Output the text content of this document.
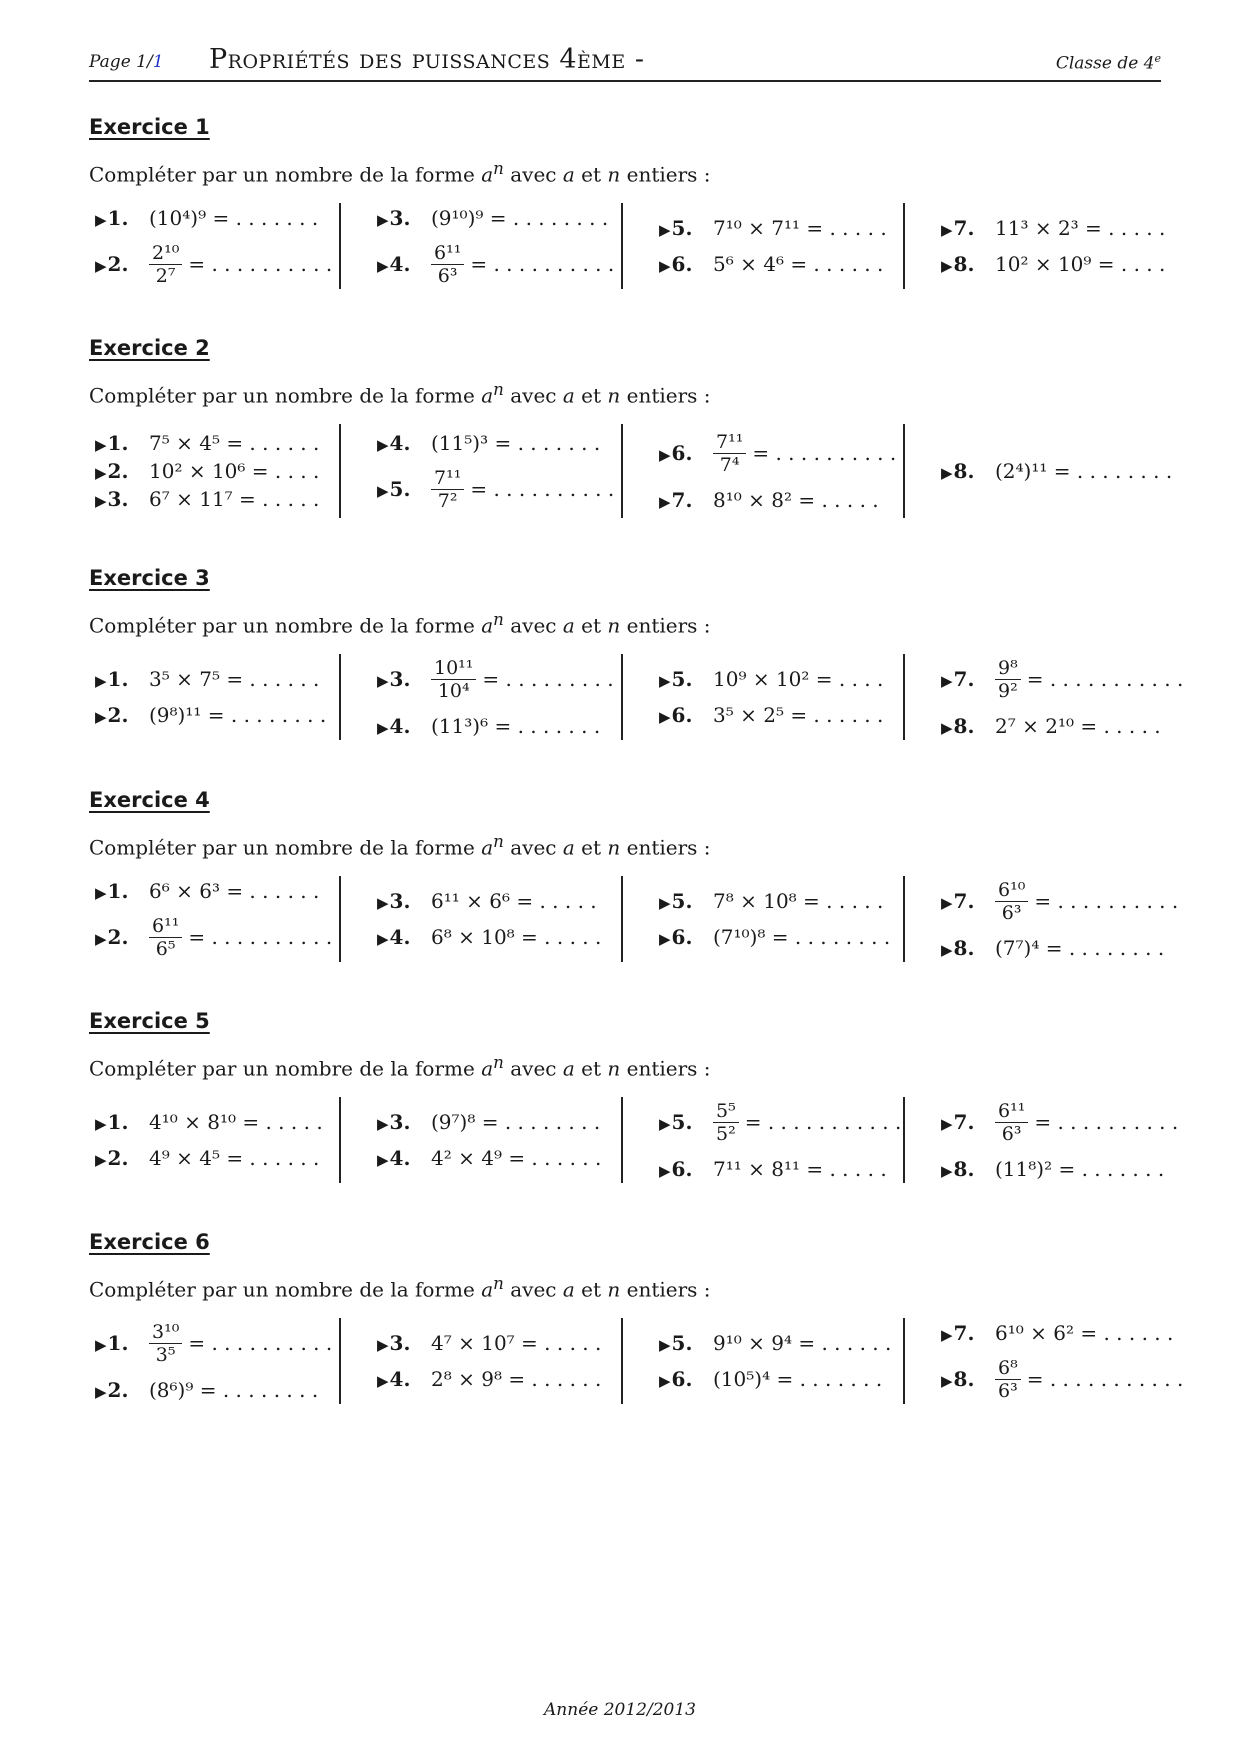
Page 1/1 Propriétés des puissances 4ème -	Classe de 4e
Exercice 1
Compléter par un nombre de la forme $a^n$ avec a et n entiers :
▶ 1.	(10⁴)⁹ = . . . . . . .
▶ 2.	$\frac{\text{2¹⁰}}{\text{2⁷}}$ = . . . . . . . . . .
▶ 3.	(9¹⁰)⁹ = . . . . . . . .
▶ 4.	$\frac{\text{6¹¹}}{\text{6³}}$ = . . . . . . . . . .
▶ 5.	7¹⁰ × 7¹¹ = . . . . .
▶ 6.	5⁶ × 4⁶ = . . . . . .
▶ 7.	11³ × 2³ = . . . . .
▶ 8.	10² × 10⁹ = . . . .
Exercice 2
Compléter par un nombre de la forme $a^n$ avec a et n entiers :
▶ 1.	7⁵ × 4⁵ = . . . . . .
▶ 2.	10² × 10⁶ = . . . .
▶ 3.	6⁷ × 11⁷ = . . . . .
▶ 4.	(11⁵)³ = . . . . . . .
▶ 5.	$\frac{\text{7¹¹}}{\text{7²}}$ = . . . . . . . . . .
▶ 6.	$\frac{\text{7¹¹}}{\text{7⁴}}$ = . . . . . . . . . .
▶ 7.	8¹⁰ × 8² = . . . . .
▶ 8.	(2⁴)¹¹ = . . . . . . . .
Exercice 3
Compléter par un nombre de la forme $a^n$ avec a et n entiers :
▶ 1.	3⁵ × 7⁵ = . . . . . .
▶ 2.	(9⁸)¹¹ = . . . . . . . .
▶ 3.	$\frac{\text{10¹¹}}{\text{10⁴}}$ = . . . . . . . . .
▶ 4.	(11³)⁶ = . . . . . . .
▶ 5.	10⁹ × 10² = . . . .
▶ 6.	3⁵ × 2⁵ = . . . . . .
▶ 7.	$\frac{\text{9⁸}}{\text{9²}}$ = . . . . . . . . . . .
▶ 8.	2⁷ × 2¹⁰ = . . . . .
Exercice 4
Compléter par un nombre de la forme $a^n$ avec a et n entiers :
▶ 1.	6⁶ × 6³ = . . . . . .
▶ 2.	$\frac{\text{6¹¹}}{\text{6⁵}}$ = . . . . . . . . . .
▶ 3.	6¹¹ × 6⁶ = . . . . .
▶ 4.	6⁸ × 10⁸ = . . . . .
▶ 5.	7⁸ × 10⁸ = . . . . .
▶ 6.	(7¹⁰)⁸ = . . . . . . . .
▶ 7.	$\frac{\text{6¹⁰}}{\text{6³}}$ = . . . . . . . . . .
▶ 8.	(7⁷)⁴ = . . . . . . . .
Exercice 5
Compléter par un nombre de la forme $a^n$ avec a et n entiers :
▶ 1.	4¹⁰ × 8¹⁰ = . . . . .
▶ 2.	4⁹ × 4⁵ = . . . . . .
▶ 3.	(9⁷)⁸ = . . . . . . . .
▶ 4.	4² × 4⁹ = . . . . . .
▶ 5.	$\frac{\text{5⁵}}{\text{5²}}$ = . . . . . . . . . . .
▶ 6.	7¹¹ × 8¹¹ = . . . . .
▶ 7.	$\frac{\text{6¹¹}}{\text{6³}}$ = . . . . . . . . . .
▶ 8.	(11⁸)² = . . . . . . .
Exercice 6
Compléter par un nombre de la forme $a^n$ avec a et n entiers :
▶ 1.	$\frac{\text{3¹⁰}}{\text{3⁵}}$ = . . . . . . . . . .
▶ 2.	(8⁶)⁹ = . . . . . . . .
▶ 3.	4⁷ × 10⁷ = . . . . .
▶ 4.	2⁸ × 9⁸ = . . . . . .
▶ 5.	9¹⁰ × 9⁴ = . . . . . .
▶ 6.	(10⁵)⁴ = . . . . . . .
▶ 7.	6¹⁰ × 6² = . . . . . .
▶ 8.	$\frac{\text{6⁸}}{\text{6³}}$ = . . . . . . . . . . .
Année 2012/2013
